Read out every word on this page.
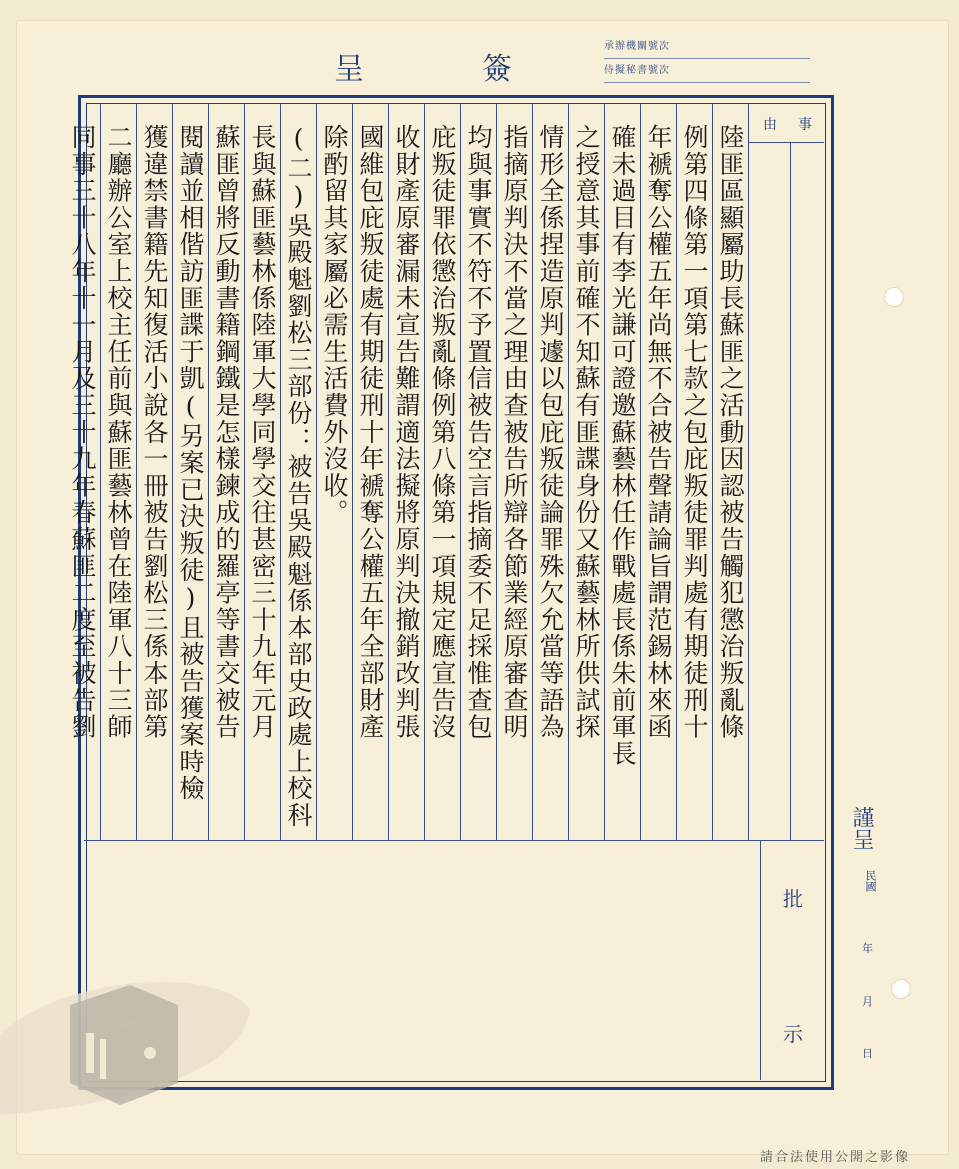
呈	簽
次號關機辦承
次號書秘擬侍
由 事
陸匪區顯屬助長蘇匪之活動因認被告觸犯懲治叛亂條
例第四條第一項第七款之包庇叛徒罪判處有期徒刑十
年褫奪公權五年尚無不合被告聲請論旨謂范錫林來函
確未過目有李光謙可證邀蘇藝林任作戰處長係朱前軍長
之授意其事前確不知蘇有匪諜身份又蘇藝林所供試探
情形全係捏造原判遽以包庇叛徒論罪殊欠允當等語為
指摘原判決不當之理由查被告所辯各節業經原審查明
均與事實不符不予置信被告空言指摘委不足採惟查包
庇叛徒罪依懲治叛亂條例第八條第一項規定應宣告沒
收財產原審漏未宣告難謂適法擬將原判決撤銷改判張
國維包庇叛徒處有期徒刑十年褫奪公權五年全部財產
除酌留其家屬必需生活費外沒收。
(二)吳殿魁劉松三部份：被告吳殿魁係本部史政處上校科
長與蘇匪藝林係陸軍大學同學交往甚密三十九年元月
蘇匪曾將反動書籍鋼鐵是怎樣鍊成的羅亭等書交被告
閱讀並相偕訪匪諜于凱(另案已決叛徒)且被告獲案時檢
獲違禁書籍先知復活小說各一冊被告劉松三係本部第
二廳辦公室上校主任前與蘇匪藝林曾在陸軍八十三師
同事三十八年十一月及三十九年春蘇匪二度至被告劉
批
示
謹呈
民國
年
月
日
請合法使用公開之影像
